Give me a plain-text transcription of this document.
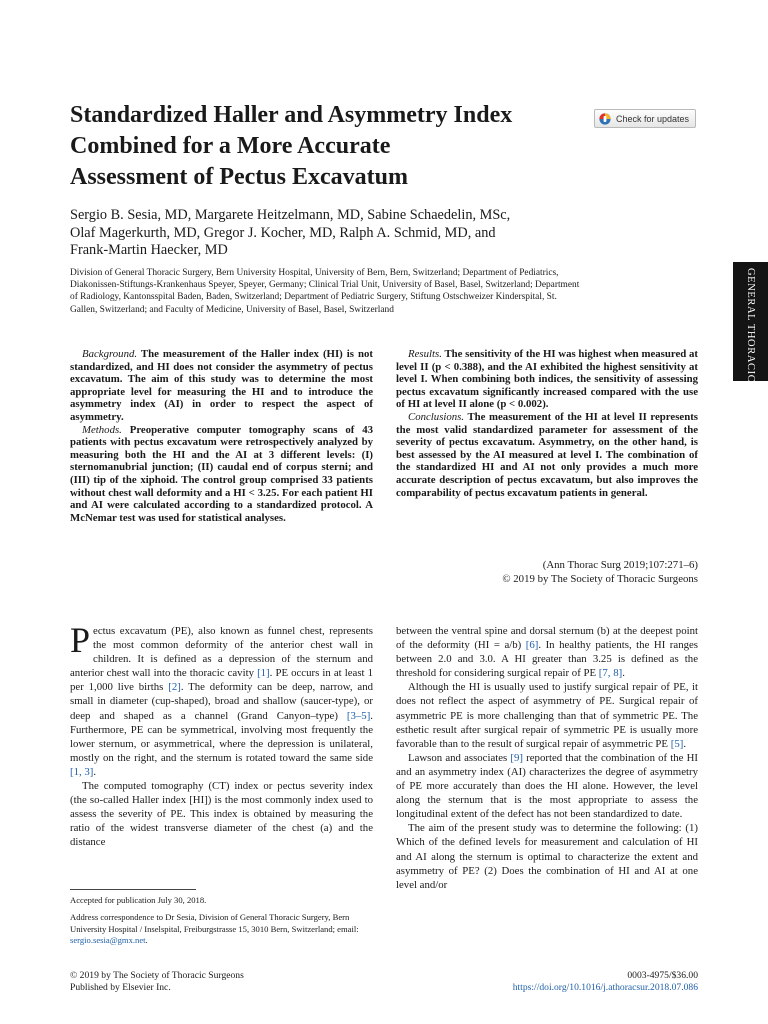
Standardized Haller and Asymmetry Index
Combined for a More Accurate
Assessment of Pectus Excavatum
Check for updates
Sergio B. Sesia, MD, Margarete Heitzelmann, MD, Sabine Schaedelin, MSc,
Olaf Magerkurth, MD, Gregor J. Kocher, MD, Ralph A. Schmid, MD, and
Frank-Martin Haecker, MD
Division of General Thoracic Surgery, Bern University Hospital, University of Bern, Bern, Switzerland; Department of Pediatrics,
Diakonissen-Stiftungs-Krankenhaus Speyer, Speyer, Germany; Clinical Trial Unit, University of Basel, Basel, Switzerland; Department
of Radiology, Kantonsspital Baden, Baden, Switzerland; Department of Pediatric Surgery, Stiftung Ostschweizer Kinderspital, St.
Gallen, Switzerland; and Faculty of Medicine, University of Basel, Basel, Switzerland	GENERAL THORACIC

Background. The measurement of the Haller index (HI) is not standardized, and HI does not consider the asymmetry of pectus excavatum. The aim of this study was to determine the most appropriate level for measuring the HI and to introduce the asymmetry index (AI) in order to respect the aspect of asymmetry.

Methods. Preoperative computer tomography scans of 43 patients with pectus excavatum were retrospectively analyzed by measuring both the HI and the AI at 3 different levels: (I) sternomanubrial junction; (II) caudal end of corpus sterni; and (III) tip of the xiphoid. The control group comprised 33 patients without chest wall deformity and a HI < 3.25. For each patient HI and AI were calculated according to a standardized protocol. A McNemar test was used for statistical analyses.

Results. The sensitivity of the HI was highest when measured at level II (p < 0.388), and the AI exhibited the highest sensitivity at level I. When combining both indices, the sensitivity of assessing pectus excavatum significantly increased compared with the use of HI at level II alone (p < 0.002).

Conclusions. The measurement of the HI at level II represents the most valid standardized parameter for assessment of the severity of pectus excavatum. Asymmetry, on the other hand, is best assessed by the AI measured at level I. The combination of the standardized HI and AI not only provides a much more accurate description of pectus excavatum, but also improves the comparability of pectus excavatum patients in general.

(Ann Thorac Surg 2019;107:271–6)
© 2019 by The Society of Thoracic Surgeons

Pectus excavatum (PE), also known as funnel chest, represents the most common deformity of the anterior chest wall in children. It is defined as a depression of the sternum and anterior chest wall into the thoracic cavity [1]. PE occurs in at least 1 per 1,000 live births [2]. The deformity can be deep, narrow, and small in diameter (cup-shaped), broad and shallow (saucer-type), or deep and shaped as a channel (Grand Canyon–type) [3–5]. Furthermore, PE can be symmetrical, involving most frequently the lower sternum, or asymmetrical, where the depression is unilateral, mostly on the right, and the sternum is rotated toward the same side [1, 3].

The computed tomography (CT) index or pectus severity index (the so-called Haller index [HI]) is the most commonly index used to assess the severity of PE. This index is obtained by measuring the ratio of the widest transverse diameter of the chest (a) and the distance

between the ventral spine and dorsal sternum (b) at the deepest point of the deformity (HI = a/b) [6]. In healthy patients, the HI ranges between 2.0 and 3.0. A HI greater than 3.25 is defined as the threshold for considering surgical repair of PE [7, 8].

Although the HI is usually used to justify surgical repair of PE, it does not reflect the aspect of asymmetry of PE. Surgical repair of asymmetric PE is more challenging than that of symmetric PE. The esthetic result after surgical repair of symmetric PE is usually more favorable than to the result of surgical repair of asymmetric PE [5].

Lawson and associates [9] reported that the combination of the HI and an asymmetry index (AI) characterizes the degree of asymmetry of PE more accurately than does the HI alone. However, the level along the sternum that is the most appropriate to assess the longitudinal extent of the defect has not been standardized to date.

The aim of the present study was to determine the following: (1) Which of the defined levels for measurement and calculation of HI and AI along the sternum is optimal to characterize the extent and asymmetry of PE? (2) Does the combination of HI and AI at one level and/or

Accepted for publication July 30, 2018.

Address correspondence to Dr Sesia, Division of General Thoracic Surgery, Bern University Hospital / Inselspital, Freiburgstrasse 15, 3010 Bern, Switzerland; email: sergio.sesia@gmx.net.

© 2019 by The Society of Thoracic Surgeons
Published by Elsevier Inc.
0003-4975/$36.00
https://doi.org/10.1016/j.athoracsur.2018.07.086
